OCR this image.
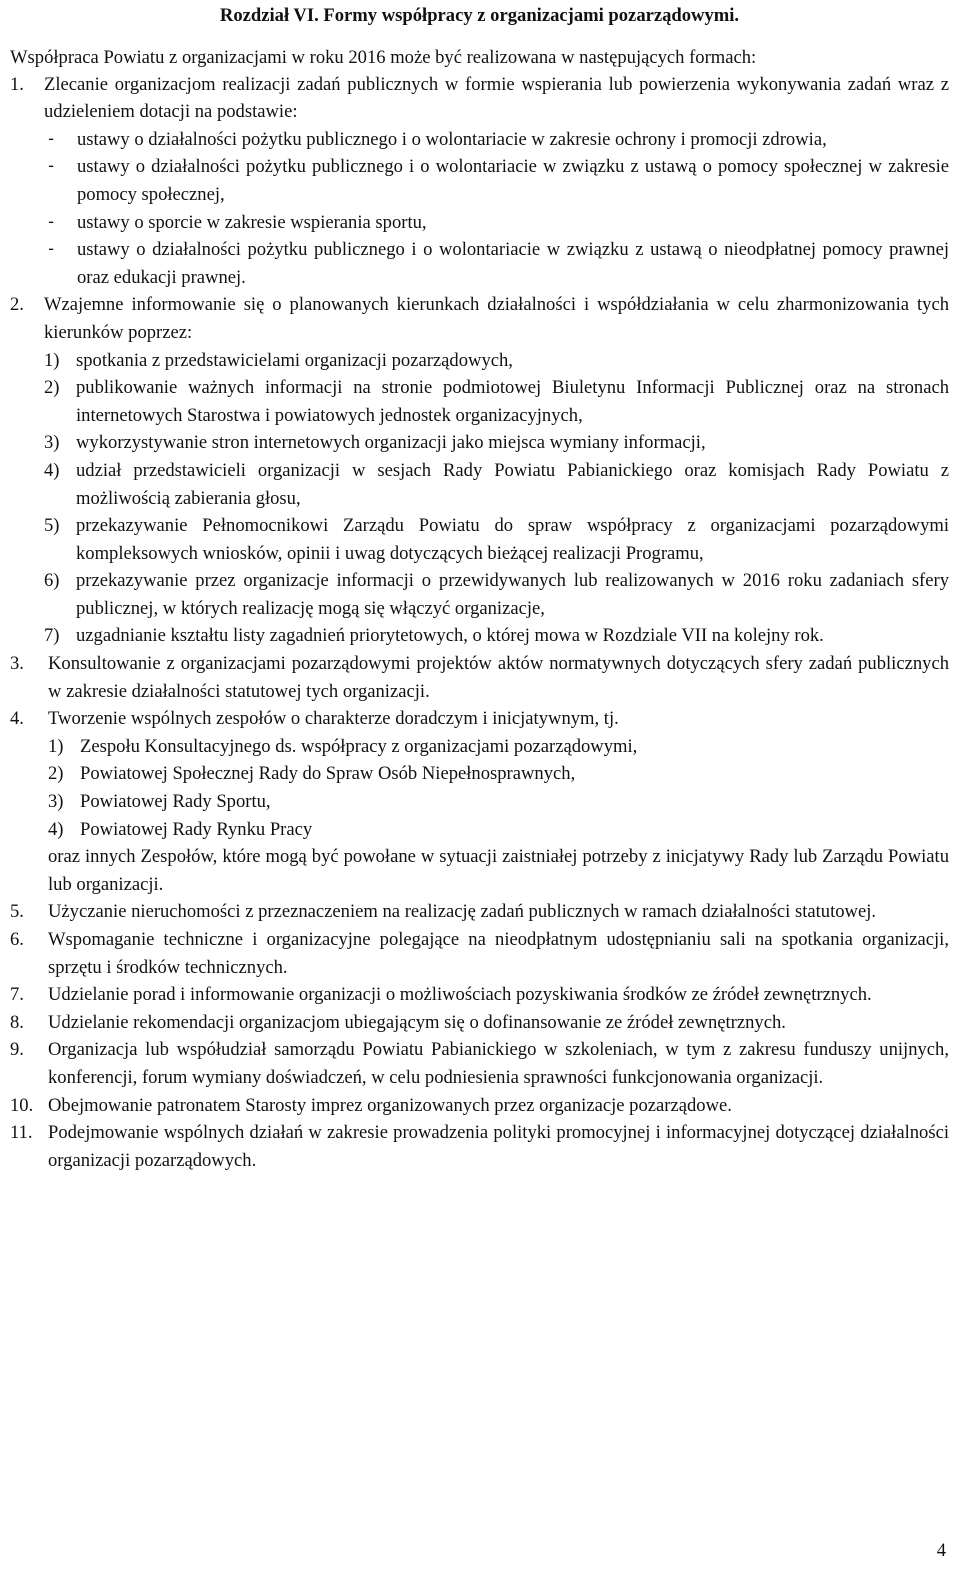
Rozdział VI. Formy współpracy z organizacjami pozarządowymi.
Współpraca Powiatu z organizacjami w roku 2016 może być realizowana w następujących formach:
1. Zlecanie organizacjom realizacji zadań publicznych w formie wspierania lub powierzenia wykonywania zadań wraz z udzieleniem dotacji na podstawie:
- ustawy o działalności pożytku publicznego i o wolontariacie w zakresie ochrony i promocji zdrowia,
- ustawy o działalności pożytku publicznego i o wolontariacie w związku z ustawą o pomocy społecznej w zakresie pomocy społecznej,
- ustawy o sporcie w zakresie wspierania sportu,
- ustawy o działalności pożytku publicznego i o wolontariacie w związku z ustawą o nieodpłatnej pomocy prawnej oraz edukacji prawnej.
2. Wzajemne informowanie się o planowanych kierunkach działalności i współdziałania w celu zharmonizowania tych kierunków poprzez:
1) spotkania z przedstawicielami organizacji pozarządowych,
2) publikowanie ważnych informacji na stronie podmiotowej Biuletynu Informacji Publicznej oraz na stronach internetowych Starostwa i powiatowych jednostek organizacyjnych,
3) wykorzystywanie stron internetowych organizacji jako miejsca wymiany informacji,
4) udział przedstawicieli organizacji w sesjach Rady Powiatu Pabianickiego oraz komisjach Rady Powiatu z możliwością zabierania głosu,
5) przekazywanie Pełnomocnikowi Zarządu Powiatu do spraw współpracy z organizacjami pozarządowymi kompleksowych wniosków, opinii i uwag dotyczących bieżącej realizacji Programu,
6) przekazywanie przez organizacje informacji o przewidywanych lub realizowanych w 2016 roku zadaniach sfery publicznej, w których realizację mogą się włączyć organizacje,
7) uzgadnianie kształtu listy zagadnień priorytetowych, o której mowa w Rozdziale VII na kolejny rok.
3. Konsultowanie z organizacjami pozarządowymi projektów aktów normatywnych dotyczących sfery zadań publicznych w zakresie działalności statutowej tych organizacji.
4. Tworzenie wspólnych zespołów o charakterze doradczym i inicjatywnym, tj.
1) Zespołu Konsultacyjnego ds. współpracy z organizacjami pozarządowymi,
2) Powiatowej Społecznej Rady do Spraw Osób Niepełnosprawnych,
3) Powiatowej Rady Sportu,
4) Powiatowej Rady Rynku Pracy
oraz innych Zespołów, które mogą być powołane w sytuacji zaistniałej potrzeby z inicjatywy Rady lub Zarządu Powiatu lub organizacji.
5. Użyczanie nieruchomości z przeznaczeniem na realizację zadań publicznych w ramach działalności statutowej.
6. Wspomaganie techniczne i organizacyjne polegające na nieodpłatnym udostępnianiu sali na spotkania organizacji, sprzętu i środków technicznych.
7. Udzielanie porad i informowanie organizacji o możliwościach pozyskiwania środków ze źródeł zewnętrznych.
8. Udzielanie rekomendacji organizacjom ubiegającym się o dofinansowanie ze źródeł zewnętrznych.
9. Organizacja lub współudział samorządu Powiatu Pabianickiego w szkoleniach, w tym z zakresu funduszy unijnych, konferencji, forum wymiany doświadczeń, w celu podniesienia sprawności funkcjonowania organizacji.
10. Obejmowanie patronatem Starosty imprez organizowanych przez organizacje pozarządowe.
11. Podejmowanie wspólnych działań w zakresie prowadzenia polityki promocyjnej i informacyjnej dotyczącej działalności organizacji pozarządowych.
4
